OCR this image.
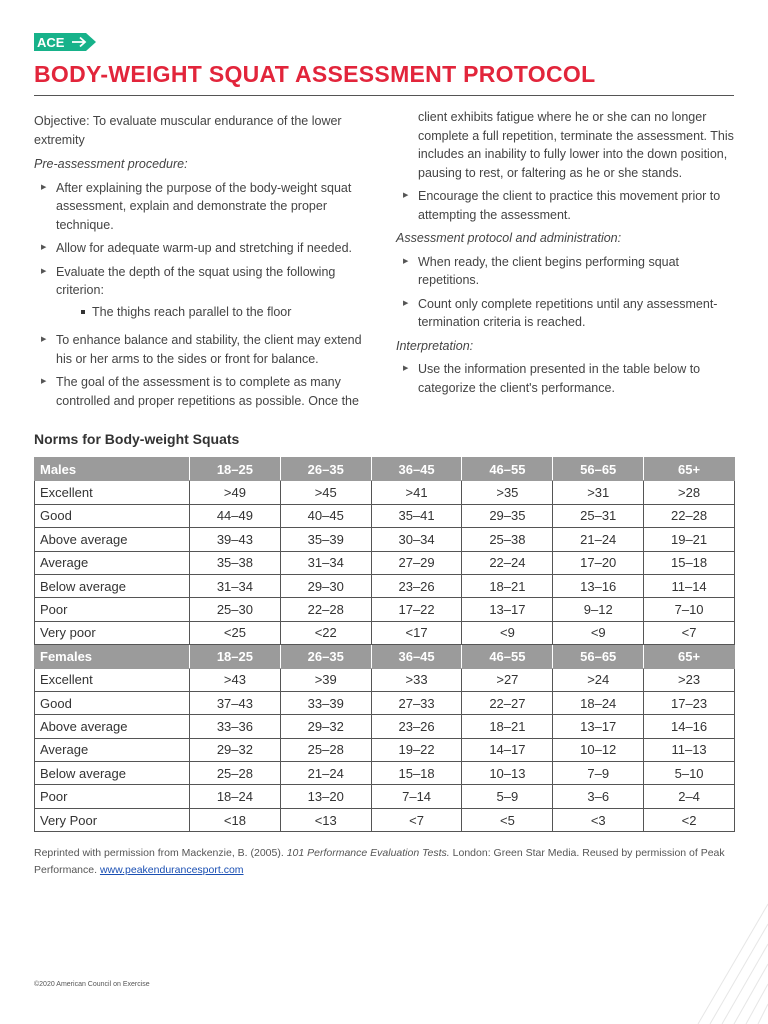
ACE
BODY-WEIGHT SQUAT ASSESSMENT PROTOCOL

Objective: To evaluate muscular endurance of the lower extremity

Pre-assessment procedure:

▶ After explaining the purpose of the body-weight squat assessment, explain and demonstrate the proper technique.
▶ Allow for adequate warm-up and stretching if needed.
▶ Evaluate the depth of the squat using the following criterion:
The thighs reach parallel to the floor
▶ To enhance balance and stability, the client may extend his or her arms to the sides or front for balance.
▶ The goal of the assessment is to complete as many controlled and proper repetitions as possible. Once the

client exhibits fatigue where he or she can no longer complete a full repetition, terminate the assessment. This includes an inability to fully lower into the down position, pausing to rest, or faltering as he or she stands.

▶ Encourage the client to practice this movement prior to attempting the assessment.

Assessment protocol and administration:

▶ When ready, the client begins performing squat repetitions.
▶ Count only complete repetitions until any assessment-termination criteria is reached.

Interpretation:

▶ Use the information presented in the table below to categorize the client's performance.
Norms for Body-weight Squats
Males	18–25	26–35	36–45	46–55	56–65	65+
Excellent	>49	>45	>41	>35	>31	>28
Good	44–49	40–45	35–41	29–35	25–31	22–28
Above average	39–43	35–39	30–34	25–38	21–24	19–21
Average	35–38	31–34	27–29	22–24	17–20	15–18
Below average	31–34	29–30	23–26	18–21	13–16	11–14
Poor	25–30	22–28	17–22	13–17	9–12	7–10
Very poor	<25	<22	<17	<9	<9	<7
Females	18–25	26–35	36–45	46–55	56–65	65+
Excellent	>43	>39	>33	>27	>24	>23
Good	37–43	33–39	27–33	22–27	18–24	17–23
Above average	33–36	29–32	23–26	18–21	13–17	14–16
Average	29–32	25–28	19–22	14–17	10–12	11–13
Below average	25–28	21–24	15–18	10–13	7–9	5–10
Poor	18–24	13–20	7–14	5–9	3–6	2–4
Very Poor	<18	<13	<7	<5	<3	<2
Reprinted with permission from Mackenzie, B. (2005). 101 Performance Evaluation Tests. London: Green Star Media. Reused by permission of Peak Performance. www.peakendurancesport.com
©2020 American Council on Exercise
